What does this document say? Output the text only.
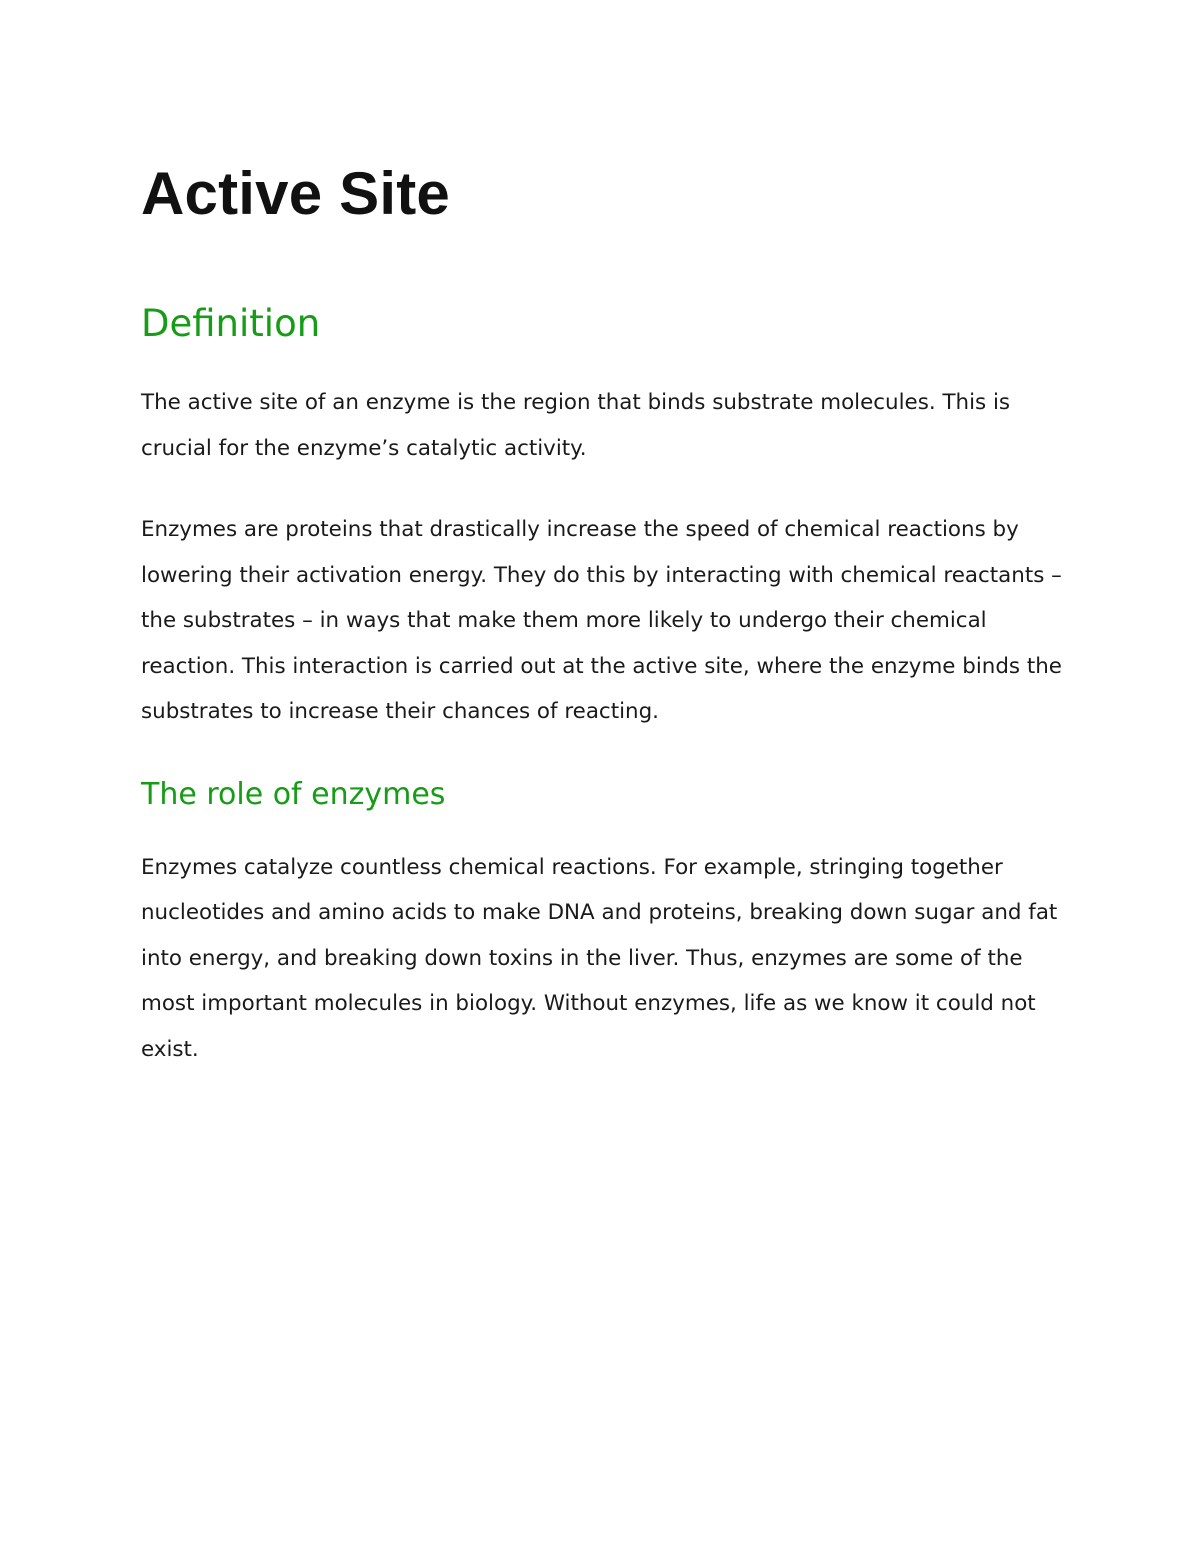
Active Site
Definition

The active site of an enzyme is the region that binds substrate molecules. This is crucial for the enzyme’s catalytic activity.

Enzymes are proteins that drastically increase the speed of chemical reactions by lowering their activation energy. They do this by interacting with chemical reactants – the substrates – in ways that make them more likely to undergo their chemical reaction. This interaction is carried out at the active site, where the enzyme binds the substrates to increase their chances of reacting.

The role of enzymes

Enzymes catalyze countless chemical reactions. For example, stringing together nucleotides and amino acids to make DNA and proteins, breaking down sugar and fat into energy, and breaking down toxins in the liver. Thus, enzymes are some of the most important molecules in biology. Without enzymes, life as we know it could not exist.
